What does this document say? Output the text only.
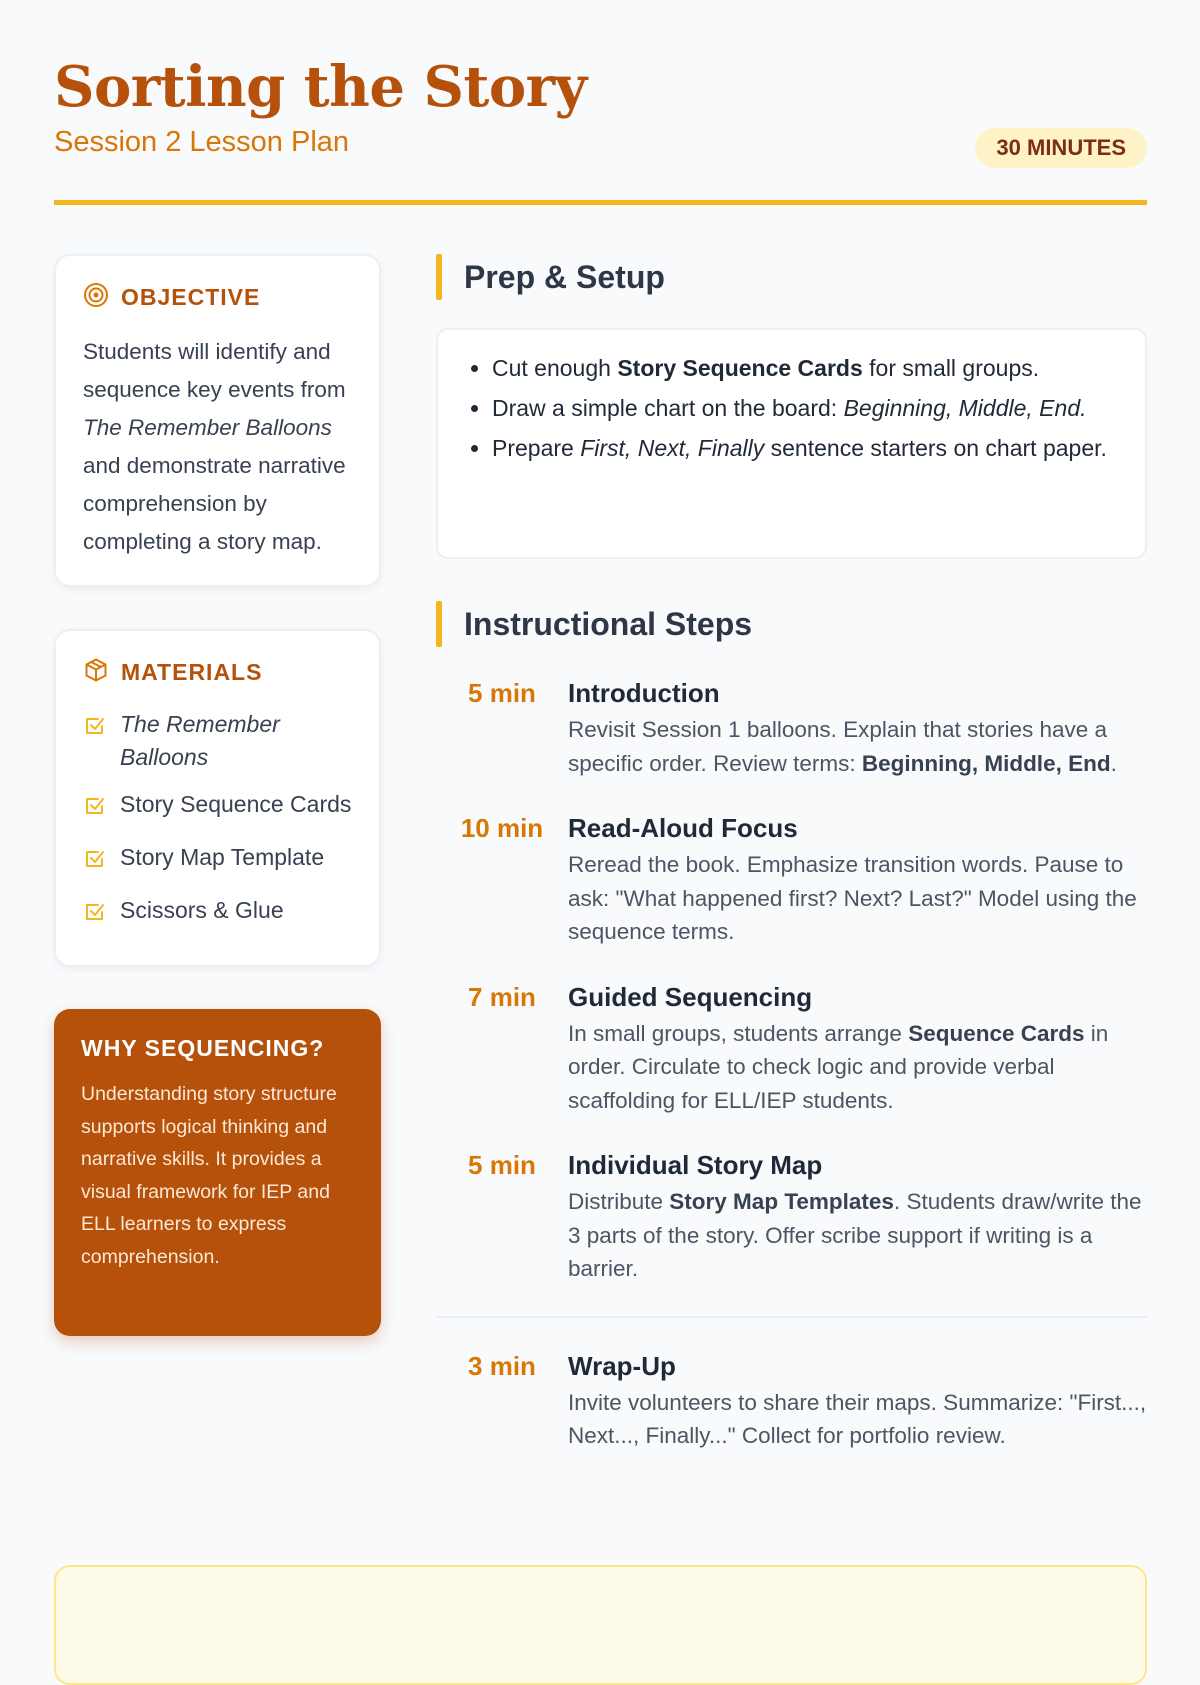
Sorting the Story
Session 2 Lesson Plan	30 MINUTES
OBJECTIVE
Students will identify and sequence key events from The Remember Balloons and demonstrate narrative comprehension by completing a story map.
MATERIALS
The Remember Balloons
Story Sequence Cards
Story Map Template
Scissors & Glue
WHY SEQUENCING?
Understanding story structure supports logical thinking and narrative skills. It provides a visual framework for IEP and ELL learners to express comprehension.
Prep & Setup
• Cut enough Story Sequence Cards for small groups.
• Draw a simple chart on the board: Beginning, Middle, End.
• Prepare First, Next, Finally sentence starters on chart paper.
Instructional Steps
5 min	Introduction
Revisit Session 1 balloons. Explain that stories have a specific order. Review terms: Beginning, Middle, End.
10 min Read-Aloud Focus
Reread the book. Emphasize transition words. Pause to ask: "What happened first? Next? Last?" Model using the sequence terms.
7 min	Guided Sequencing
In small groups, students arrange Sequence Cards in order. Circulate to check logic and provide verbal scaffolding for ELL/IEP students.
5 min	Individual Story Map
Distribute Story Map Templates. Students draw/write the 3 parts of the story. Offer scribe support if writing is a barrier.
3 min	Wrap-Up
Invite volunteers to share their maps. Summarize: "First..., Next..., Finally..." Collect for portfolio review.
